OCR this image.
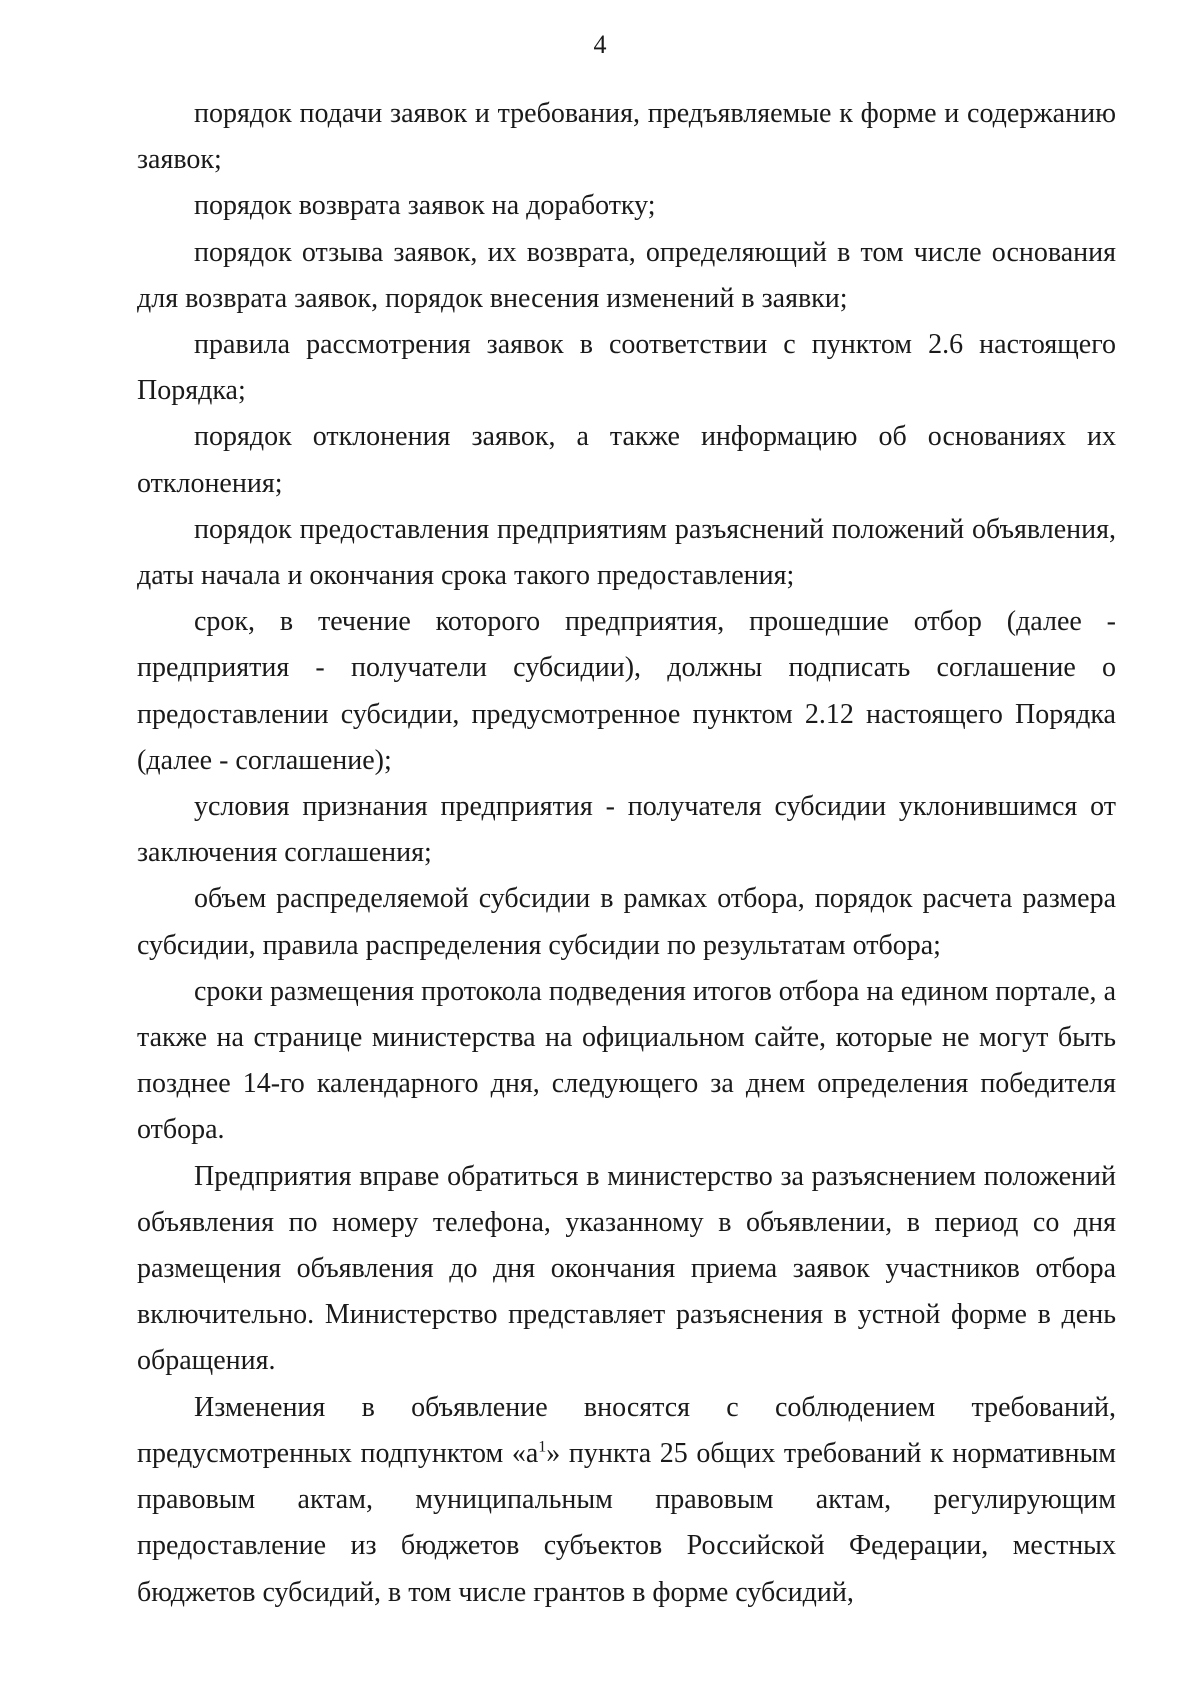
4

порядок подачи заявок и требования, предъявляемые к форме и содержанию заявок;

порядок возврата заявок на доработку;

порядок отзыва заявок, их возврата, определяющий в том числе основания для возврата заявок, порядок внесения изменений в заявки;

правила рассмотрения заявок в соответствии с пунктом 2.6 настоящего Порядка;

порядок отклонения заявок, а также информацию об основаниях их отклонения;

порядок предоставления предприятиям разъяснений положений объявления, даты начала и окончания срока такого предоставления;

срок, в течение которого предприятия, прошедшие отбор (далее - предприятия - получатели субсидии), должны подписать соглашение о предоставлении субсидии, предусмотренное пунктом 2.12 настоящего Порядка (далее - соглашение);

условия признания предприятия - получателя субсидии уклонившимся от заключения соглашения;

объем распределяемой субсидии в рамках отбора, порядок расчета размера субсидии, правила распределения субсидии по результатам отбора;

сроки размещения протокола подведения итогов отбора на едином портале, а также на странице министерства на официальном сайте, которые не могут быть позднее 14-го календарного дня, следующего за днем определения победителя отбора.

Предприятия вправе обратиться в министерство за разъяснением положений объявления по номеру телефона, указанному в объявлении, в период со дня размещения объявления до дня окончания приема заявок участников отбора включительно. Министерство представляет разъяснения в устной форме в день обращения.

Изменения в объявление вносятся с соблюдением требований, предусмотренных подпунктом «$а^1$» пункта 25 общих требований к нормативным правовым актам, муниципальным правовым актам, регулирующим предоставление из бюджетов субъектов Российской Федерации, местных бюджетов субсидий, в том числе грантов в форме субсидий,
